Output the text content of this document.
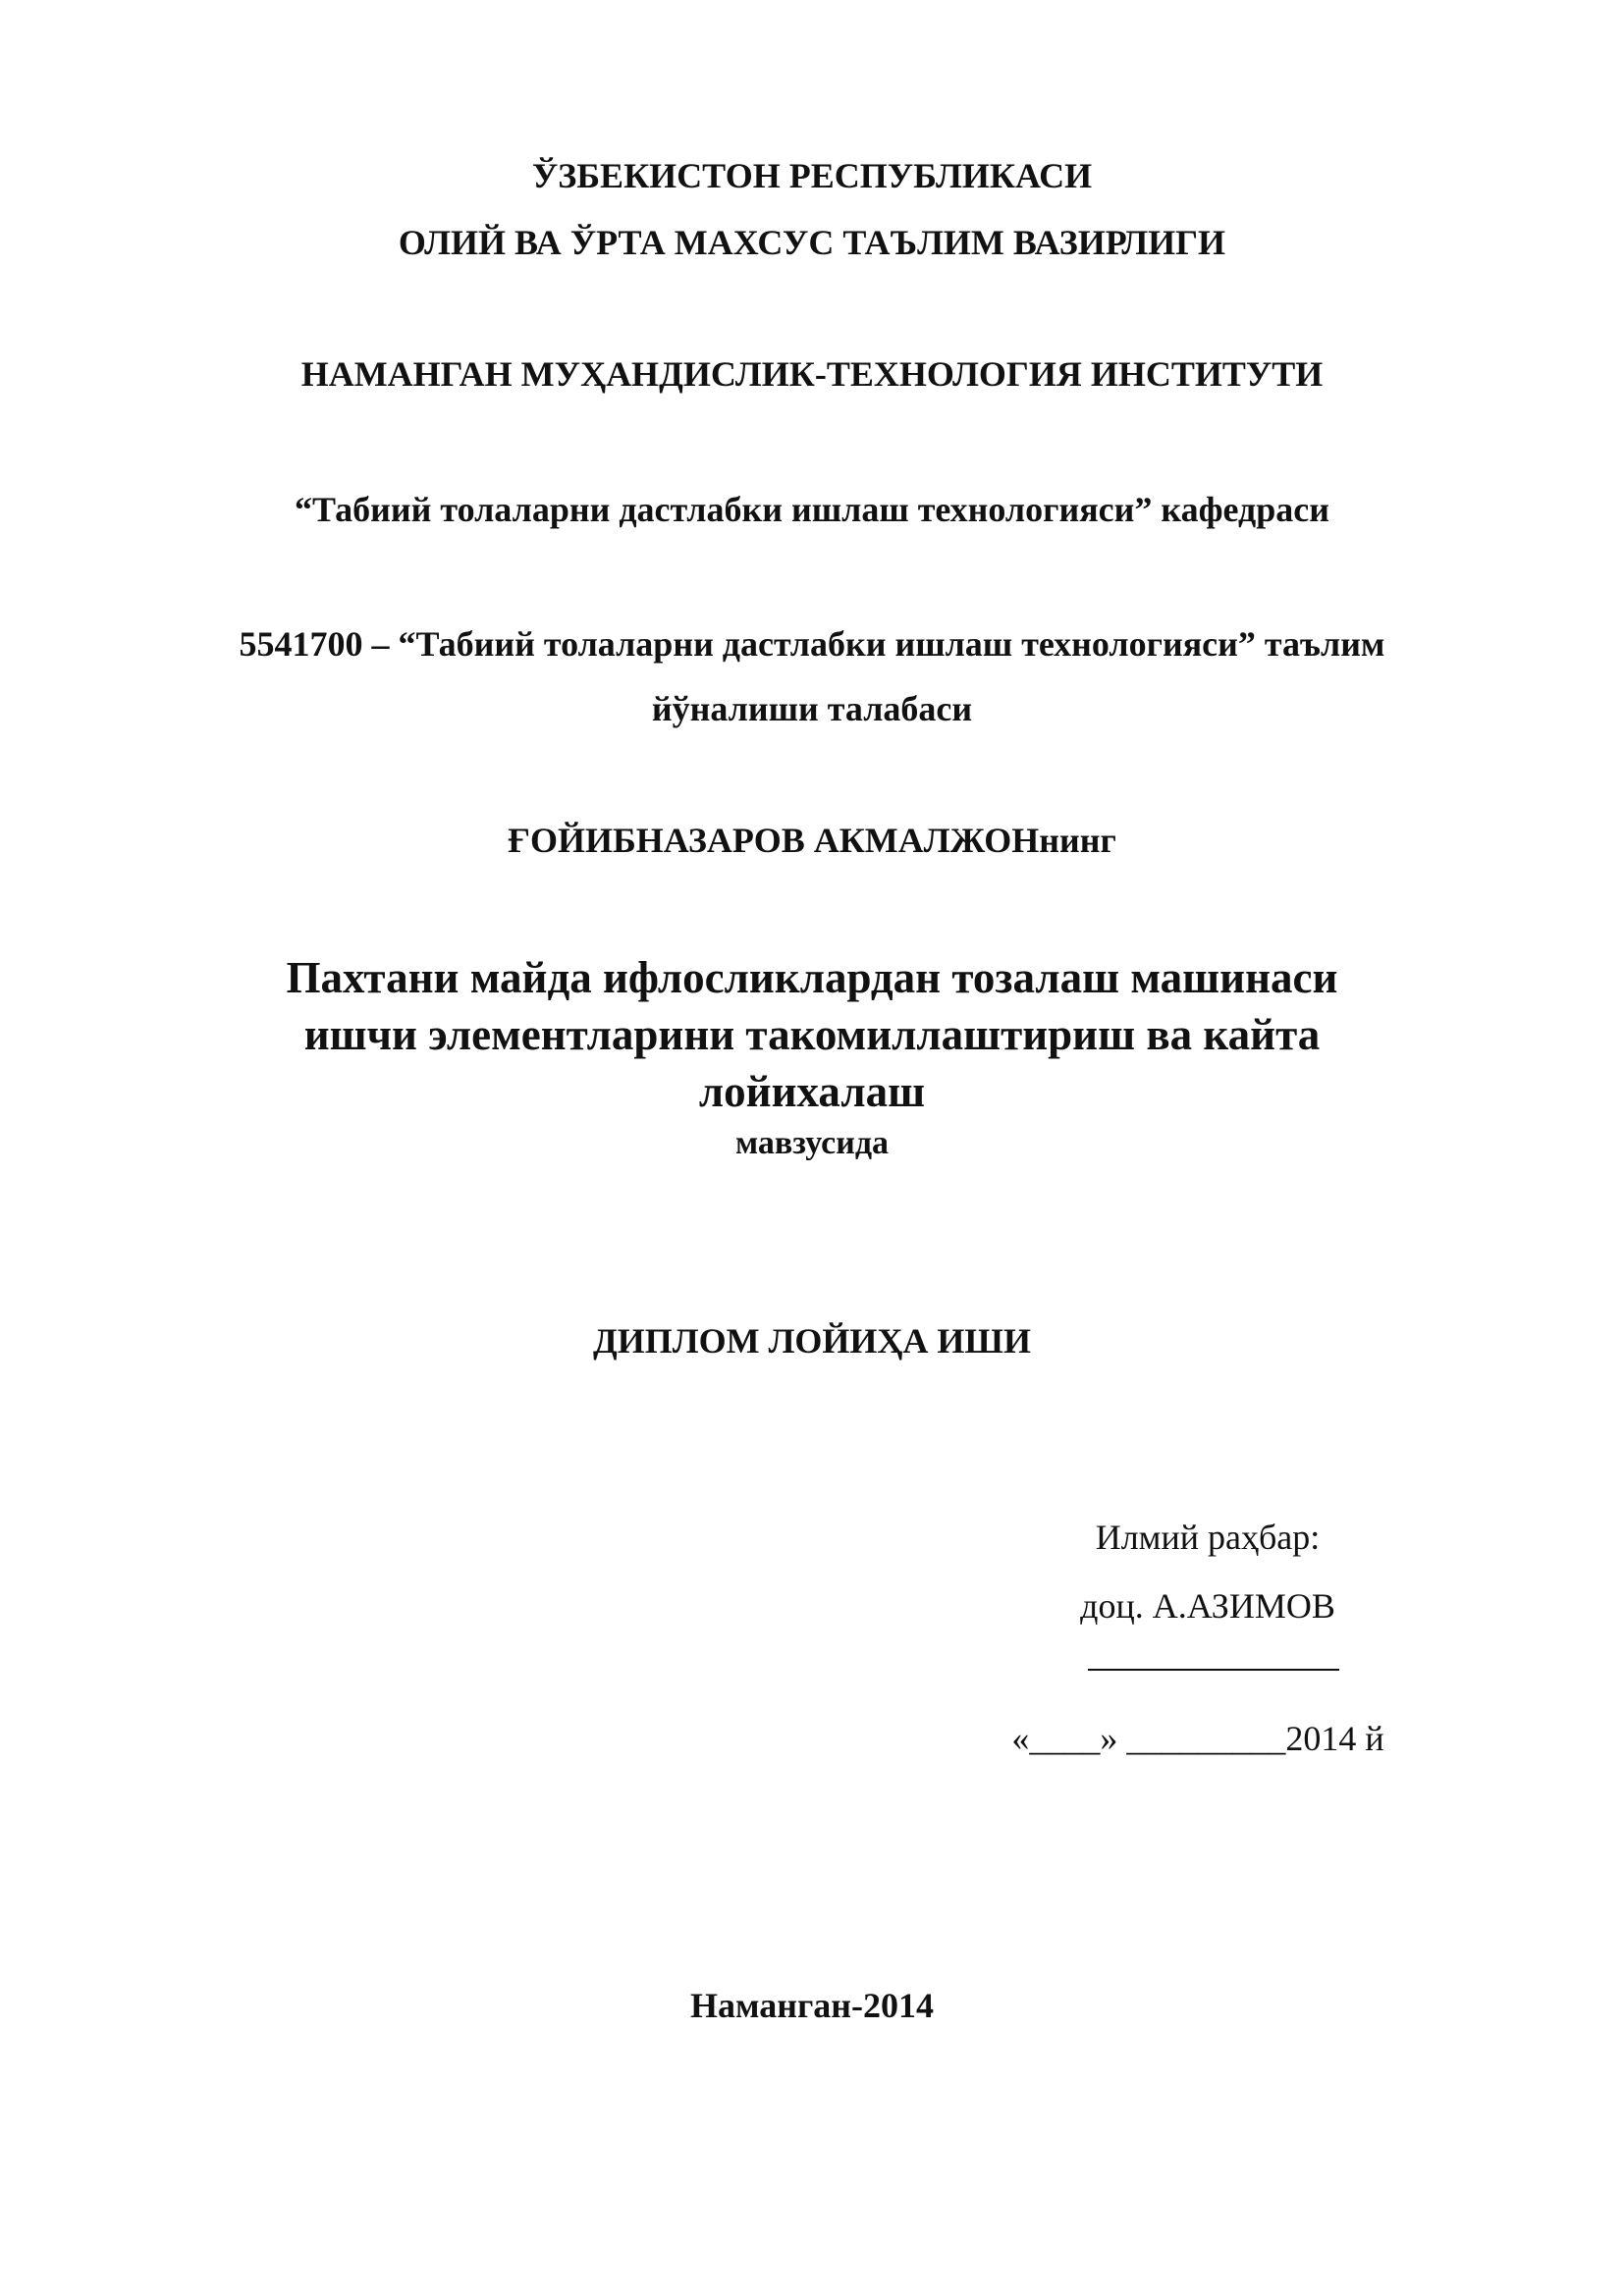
ЎЗБЕКИСТОН РЕСПУБЛИКАСИ
ОЛИЙ ВА ЎРТА МАХСУС ТАЪЛИМ ВАЗИРЛИГИ
НАМАНГАН МУҲАНДИСЛИК-ТЕХНОЛОГИЯ ИНСТИТУТИ
“Табиий толаларни дастлабки ишлаш технологияси” кафедраси
5541700 – “Табиий толаларни дастлабки ишлаш технологияси” таълим
йўналиши талабаси
ҒОЙИБНАЗАРОВ АКМАЛЖОНнинг
Пахтани майда ифлосликлардан тозалаш машинаси
ишчи элементларини такомиллаштириш ва кайта
лойихалаш
мавзусида
ДИПЛОМ ЛОЙИҲА ИШИ
Илмий раҳбар:
доц. А.АЗИМОВ
«____» _________2014 й
Наманган-2014
